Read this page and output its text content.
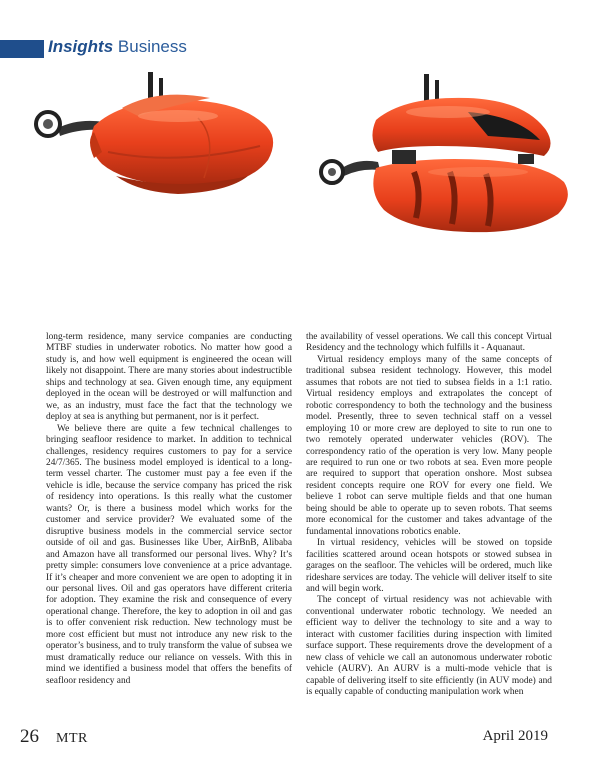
Insights Business

long-term residence, many service companies are conducting MTBF studies in underwater robotics. No matter how good a study is, and how well equipment is engineered the ocean will likely not disappoint. There are many stories about indestructible ships and technology at sea. Given enough time, any equipment deployed in the ocean will be destroyed or will malfunction and we, as an industry, must face the fact that the technology we deploy at sea is anything but permanent, nor is it perfect.

We believe there are quite a few technical challenges to bringing seafloor residence to market. In addition to technical challenges, residency requires customers to pay for a service 24/7/365. The business model employed is identical to a long-term vessel charter. The customer must pay a fee even if the vehicle is idle, because the service company has priced the risk of residency into operations. Is this really what the customer wants? Or, is there a business model which works for the customer and service provider? We evaluated some of the disruptive business models in the commercial service sector outside of oil and gas. Businesses like Uber, AirBnB, Alibaba and Amazon have all transformed our personal lives. Why? It’s pretty simple: consumers love convenience at a price advantage. If it’s cheaper and more convenient we are open to adopting it in our personal lives. Oil and gas operators have different criteria for adoption. They examine the risk and consequence of every operational change. Therefore, the key to adoption in oil and gas is to offer convenient risk reduction. New technology must be more cost efficient but must not introduce any new risk to the operator’s business, and to truly transform the value of subsea we must dramatically reduce our reliance on vessels. With this in mind we identified a business model that offers the benefits of seafloor residency and

the availability of vessel operations. We call this concept Virtual Residency and the technology which fulfills it - Aquanaut.

Virtual residency employs many of the same concepts of traditional subsea resident technology. However, this model assumes that robots are not tied to subsea fields in a 1:1 ratio. Virtual residency employs and extrapolates the concept of robotic correspondency to both the technology and the business model. Presently, three to seven technical staff on a vessel employing 10 or more crew are deployed to site to run one to two remotely operated underwater vehicles (ROV). The correspondency ratio of the operation is very low. Many people are required to run one or two robots at sea. Even more people are required to support that operation onshore. Most subsea resident concepts require one ROV for every one field. We believe 1 robot can serve multiple fields and that one human being should be able to operate up to seven robots. That seems more economical for the customer and takes advantage of the fundamental innovations robotics enable.

In virtual residency, vehicles will be stowed on topside facilities scattered around ocean hotspots or stowed subsea in garages on the seafloor. The vehicles will be ordered, much like rideshare services are today. The vehicle will deliver itself to site and will begin work.

The concept of virtual residency was not achievable with conventional underwater robotic technology. We needed an efficient way to deliver the technology to site and a way to interact with customer facilities during inspection with limited surface support. These requirements drove the development of a new class of vehicle we call an autonomous underwater robotic vehicle (AURV). An AURV is a multi-mode vehicle that is capable of delivering itself to site efficiently (in AUV mode) and is equally capable of conducting manipulation work when

26 MTR	April 2019
